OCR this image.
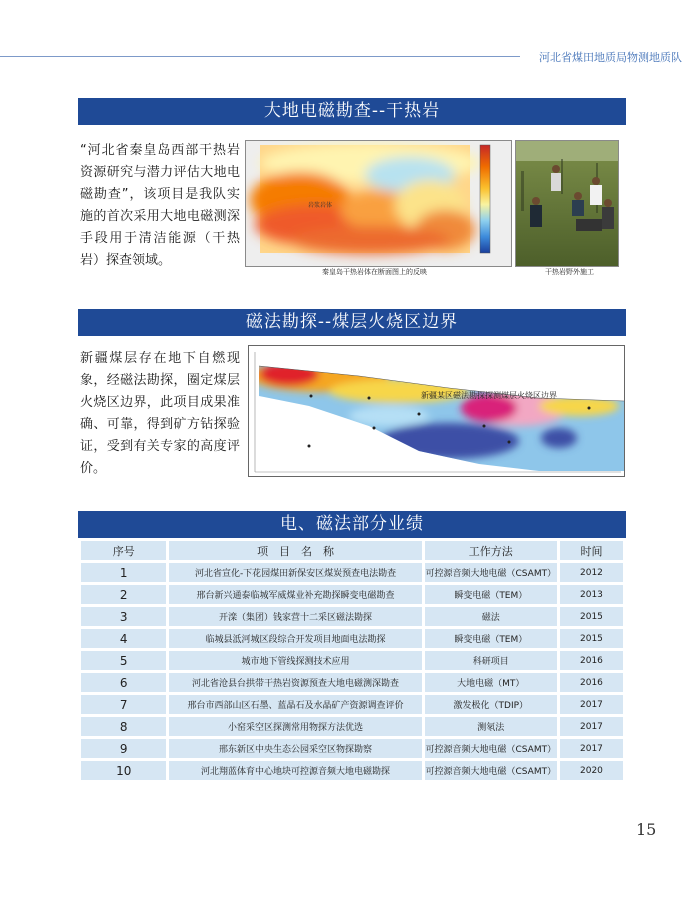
河北省煤田地质局物测地质队
大地电磁勘查--干热岩
“河北省秦皇岛西部干热岩资源研究与潜力评估大地电磁勘查”，该项目是我队实施的首次采用大地电磁测深手段用于清洁能源（干热岩）探查领域。
岩浆岩体
秦皇岛干热岩体在断面图上的反映	干热岩野外施工
磁法勘探--煤层火烧区边界
新疆煤层存在地下自燃现象，经磁法勘探，圈定煤层火烧区边界，此项目成果准确、可靠，得到矿方钻探验证，受到有关专家的高度评价。
新疆某区磁法勘探探测煤层火烧区边界
电、磁法部分业绩
序号	项　目　名　称	工作方法	时间
1	河北省宣化-下花园煤田新保安区煤炭预查电法勘查	可控源音频大地电磁（CSAMT）	2012
2	邢台新兴通泰临城军威煤业补充勘探瞬变电磁勘查	瞬变电磁（TEM）	2013
3	开滦（集团）钱家营十二采区磁法勘探	磁法	2015
4	临城县泜河城区段综合开发项目地面电法勘探	瞬变电磁（TEM）	2015
5	城市地下管线探测技术应用	科研项目	2016
6	河北省沧县台拱带干热岩资源预查大地电磁测深勘查	大地电磁（MT）	2016
7	邢台市西部山区石墨、蓝晶石及水晶矿产资源调查评价	激发极化（TDIP）	2017
8	小窑采空区探测常用物探方法优选	测氡法	2017
9	邢东新区中央生态公园采空区物探勘察	可控源音频大地电磁（CSAMT）	2017
10	河北翔蓝体育中心地块可控源音频大地电磁勘探	可控源音频大地电磁（CSAMT）	2020
15
